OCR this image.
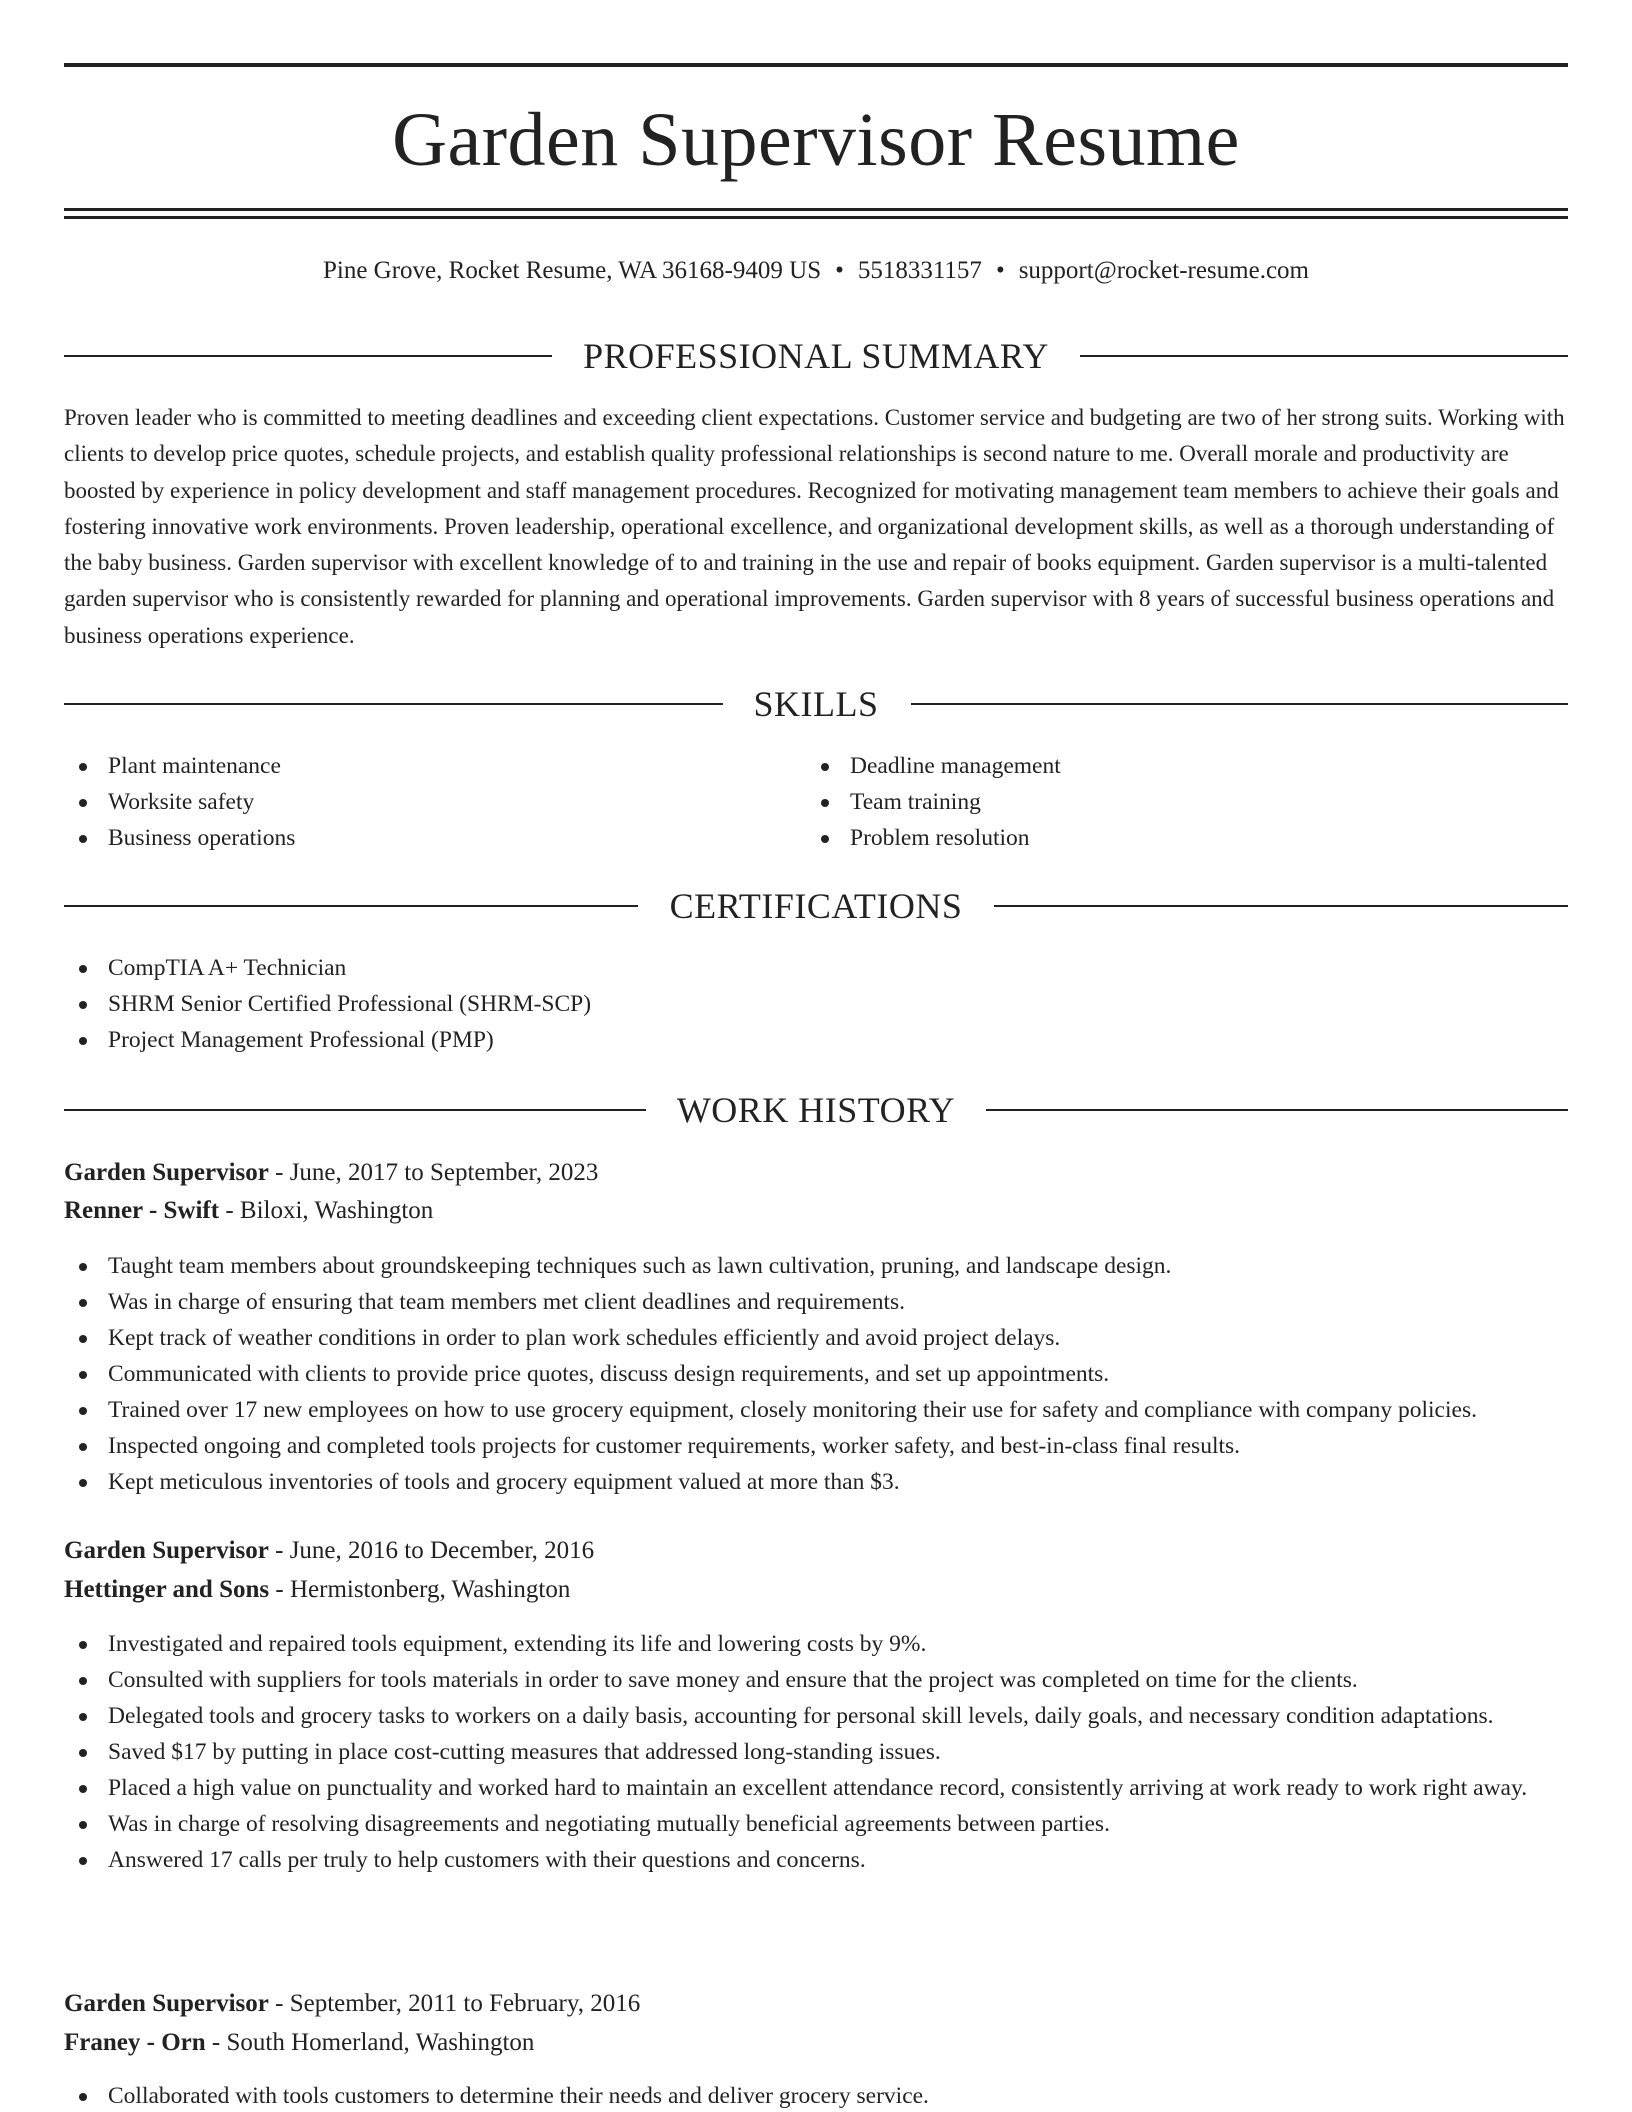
Garden Supervisor Resume
Pine Grove, Rocket Resume, WA 36168-9409 US • 5518331157 • support@rocket-resume.com
PROFESSIONAL SUMMARY

Proven leader who is committed to meeting deadlines and exceeding client expectations. Customer service and budgeting are two of her strong suits. Working with clients to develop price quotes, schedule projects, and establish quality professional relationships is second nature to me. Overall morale and productivity are boosted by experience in policy development and staff management procedures. Recognized for motivating management team members to achieve their goals and fostering innovative work environments. Proven leadership, operational excellence, and organizational development skills, as well as a thorough understanding of the baby business. Garden supervisor with excellent knowledge of to and training in the use and repair of books equipment. Garden supervisor is a multi-talented garden supervisor who is consistently rewarded for planning and operational improvements. Garden supervisor with 8 years of successful business operations and business operations experience.

SKILLS
Plant maintenance
Worksite safety
Business operations
Deadline management
Team training
Problem resolution
CERTIFICATIONS
CompTIA A+ Technician
SHRM Senior Certified Professional (SHRM-SCP)
Project Management Professional (PMP)
WORK HISTORY
Garden Supervisor - June, 2017 to September, 2023
Renner - Swift - Biloxi, Washington
Taught team members about groundskeeping techniques such as lawn cultivation, pruning, and landscape design.
Was in charge of ensuring that team members met client deadlines and requirements.
Kept track of weather conditions in order to plan work schedules efficiently and avoid project delays.
Communicated with clients to provide price quotes, discuss design requirements, and set up appointments.
Trained over 17 new employees on how to use grocery equipment, closely monitoring their use for safety and compliance with company policies.
Inspected ongoing and completed tools projects for customer requirements, worker safety, and best-in-class final results.
Kept meticulous inventories of tools and grocery equipment valued at more than $3.
Garden Supervisor - June, 2016 to December, 2016
Hettinger and Sons - Hermistonberg, Washington
Investigated and repaired tools equipment, extending its life and lowering costs by 9%.
Consulted with suppliers for tools materials in order to save money and ensure that the project was completed on time for the clients.
Delegated tools and grocery tasks to workers on a daily basis, accounting for personal skill levels, daily goals, and necessary condition adaptations.
Saved $17 by putting in place cost-cutting measures that addressed long-standing issues.
Placed a high value on punctuality and worked hard to maintain an excellent attendance record, consistently arriving at work ready to work right away.
Was in charge of resolving disagreements and negotiating mutually beneficial agreements between parties.
Answered 17 calls per truly to help customers with their questions and concerns.
Garden Supervisor - September, 2011 to February, 2016
Franey - Orn - South Homerland, Washington
Collaborated with tools customers to determine their needs and deliver grocery service.
